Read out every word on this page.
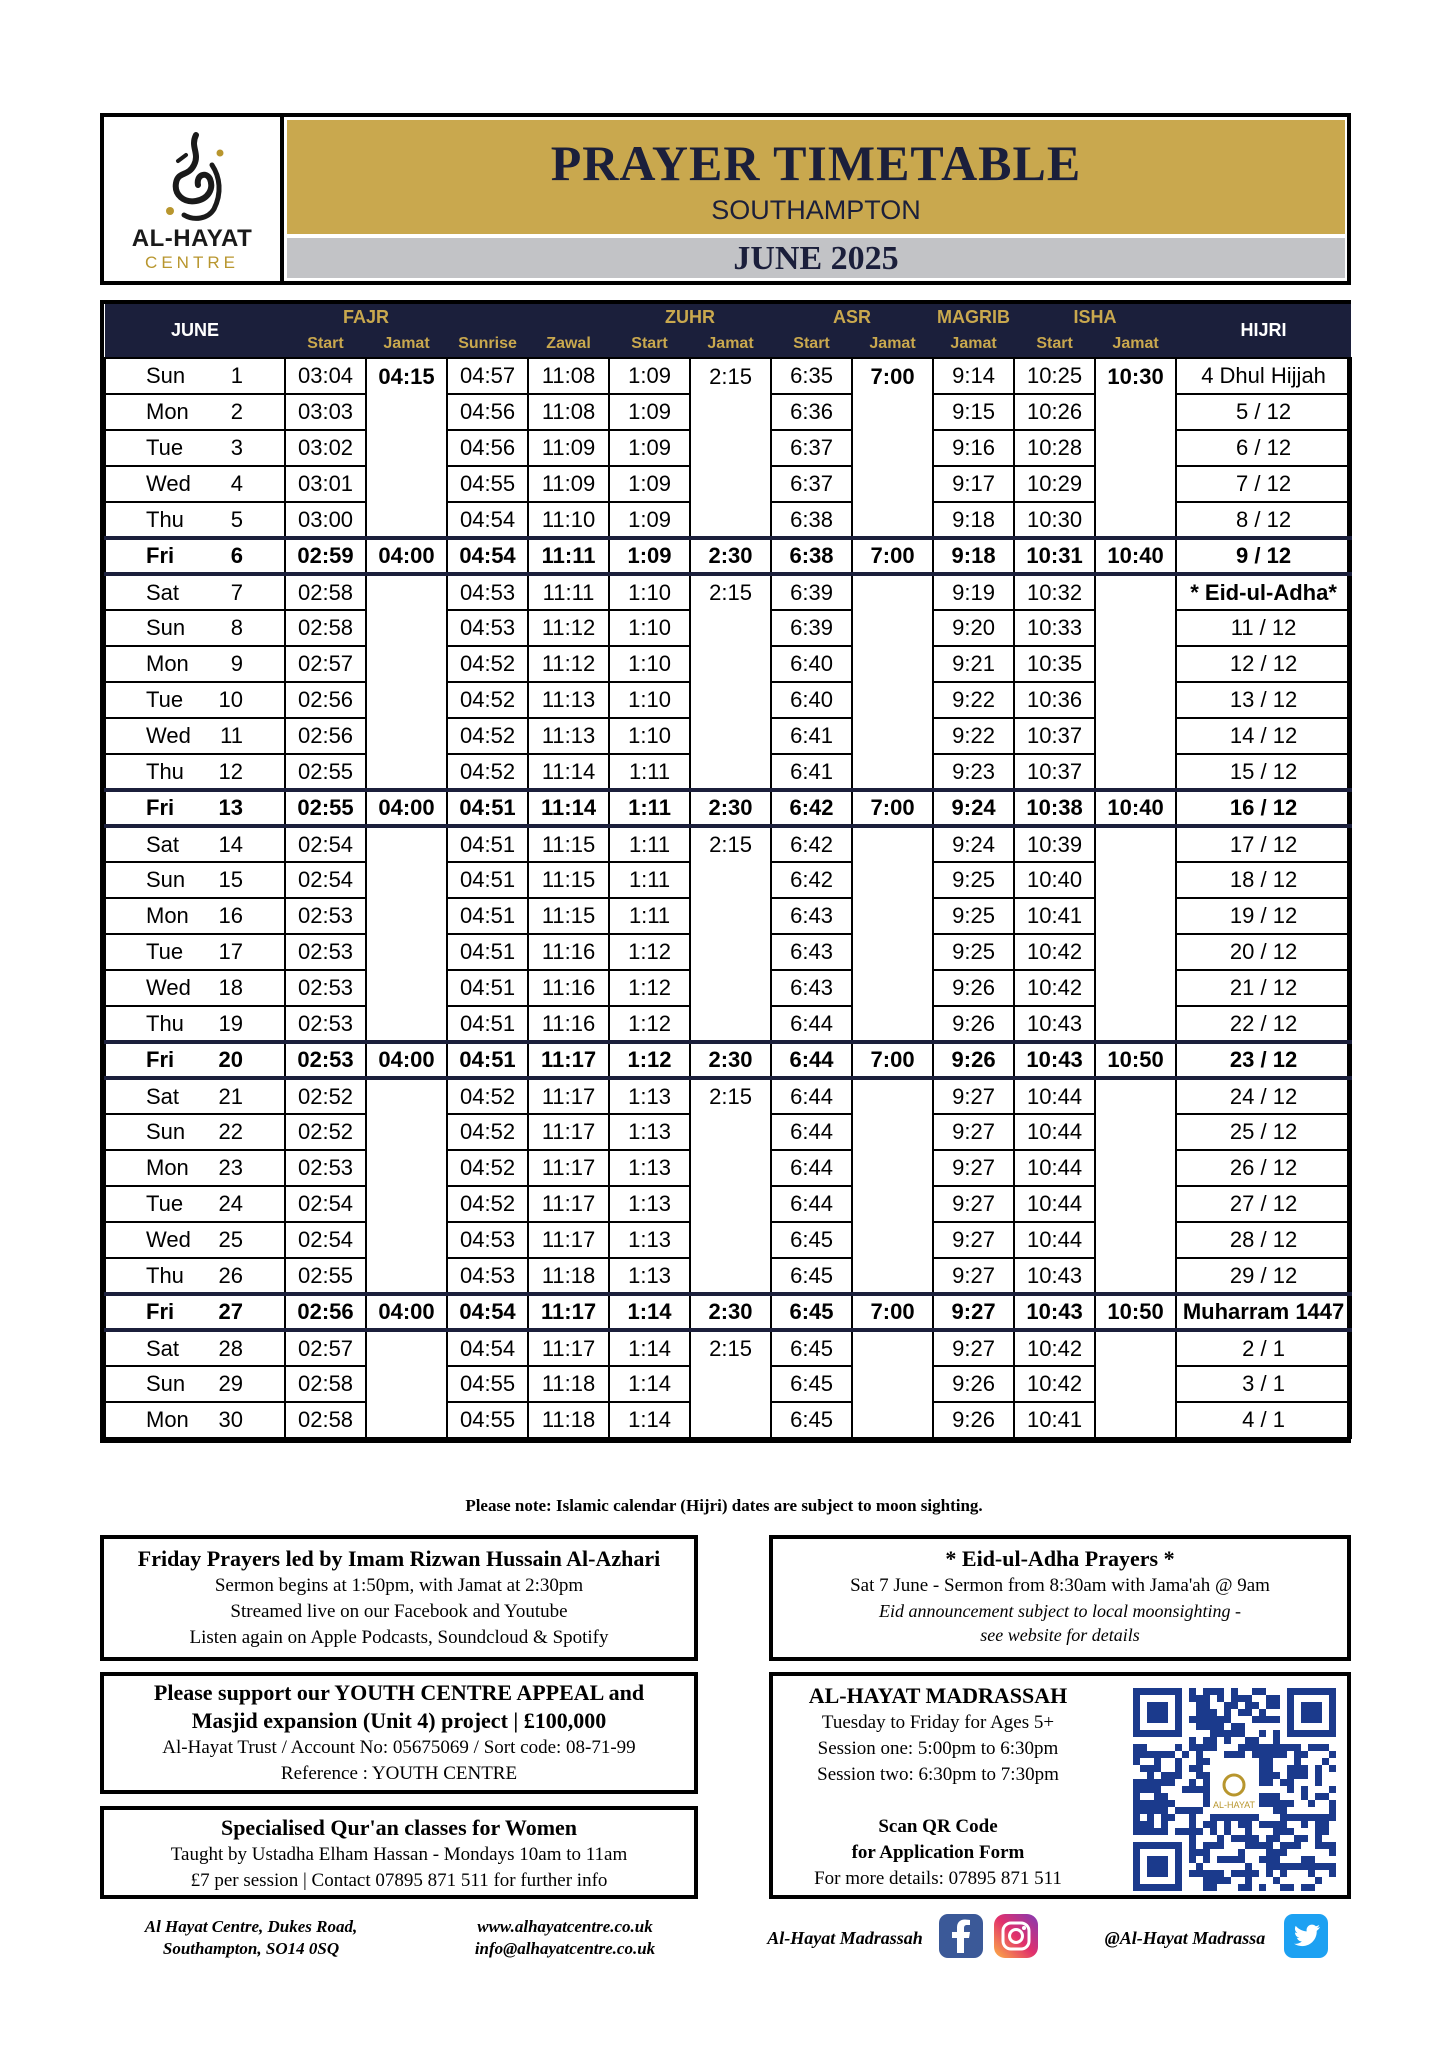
AL-HAYAT
CENTRE
PRAYER TIMETABLE
SOUTHAMPTON
JUNE 2025
JUNE		FAJR				ZUHR		ASR		MAGRIB	ISHA		HIJRI
		Start	Jamat	Sunrise	Zawal	Start	Jamat	Start	Jamat	Jamat	Start	Jamat	
Sun	1	03:04	04:15	04:57	11:08	1:09	2:15	6:35	7:00	9:14	10:25	10:30	4 Dhul Hijjah
Mon	2	03:03		04:56	11:08	1:09		6:36		9:15	10:26		5 / 12
Tue	3	03:02		04:56	11:09	1:09		6:37		9:16	10:28		6 / 12
Wed	4	03:01		04:55	11:09	1:09		6:37		9:17	10:29		7 / 12
Thu	5	03:00		04:54	11:10	1:09		6:38		9:18	10:30		8 / 12
Fri	6	02:59	04:00	04:54	11:11	1:09	2:30	6:38	7:00	9:18	10:31	10:40	9 / 12
Sat	7	02:58		04:53	11:11	1:10	2:15	6:39		9:19	10:32		* Eid-ul-Adha*
Sun	8	02:58		04:53	11:12	1:10		6:39		9:20	10:33		11 / 12
Mon	9	02:57		04:52	11:12	1:10		6:40		9:21	10:35		12 / 12
Tue	10	02:56		04:52	11:13	1:10		6:40		9:22	10:36		13 / 12
Wed	11	02:56		04:52	11:13	1:10		6:41		9:22	10:37		14 / 12
Thu	12	02:55		04:52	11:14	1:11		6:41		9:23	10:37		15 / 12
Fri	13	02:55	04:00	04:51	11:14	1:11	2:30	6:42	7:00	9:24	10:38	10:40	16 / 12
Sat	14	02:54		04:51	11:15	1:11	2:15	6:42		9:24	10:39		17 / 12
Sun	15	02:54		04:51	11:15	1:11		6:42		9:25	10:40		18 / 12
Mon	16	02:53		04:51	11:15	1:11		6:43		9:25	10:41		19 / 12
Tue	17	02:53		04:51	11:16	1:12		6:43		9:25	10:42		20 / 12
Wed	18	02:53		04:51	11:16	1:12		6:43		9:26	10:42		21 / 12
Thu	19	02:53		04:51	11:16	1:12		6:44		9:26	10:43		22 / 12
Fri	20	02:53	04:00	04:51	11:17	1:12	2:30	6:44	7:00	9:26	10:43	10:50	23 / 12
Sat	21	02:52		04:52	11:17	1:13	2:15	6:44		9:27	10:44		24 / 12
Sun	22	02:52		04:52	11:17	1:13		6:44		9:27	10:44		25 / 12
Mon	23	02:53		04:52	11:17	1:13		6:44		9:27	10:44		26 / 12
Tue	24	02:54		04:52	11:17	1:13		6:44		9:27	10:44		27 / 12
Wed	25	02:54		04:53	11:17	1:13		6:45		9:27	10:44		28 / 12
Thu	26	02:55		04:53	11:18	1:13		6:45		9:27	10:43		29 / 12
Fri	27	02:56	04:00	04:54	11:17	1:14	2:30	6:45	7:00	9:27	10:43	10:50	Muharram 1447
Sat	28	02:57		04:54	11:17	1:14	2:15	6:45		9:27	10:42		2 / 1
Sun	29	02:58		04:55	11:18	1:14		6:45		9:26	10:42		3 / 1
Mon	30	02:58		04:55	11:18	1:14		6:45		9:26	10:41		4 / 1
Please note: Islamic calendar (Hijri) dates are subject to moon sighting.
Friday Prayers led by Imam Rizwan Hussain Al-Azhari
Sermon begins at 1:50pm, with Jamat at 2:30pm
Streamed live on our Facebook and Youtube
Listen again on Apple Podcasts, Soundcloud & Spotify
* Eid-ul-Adha Prayers *
Sat 7 June - Sermon from 8:30am with Jama'ah @ 9am
Eid announcement subject to local moonsighting -
see website for details
Please support our YOUTH CENTRE APPEAL and
Masjid expansion (Unit 4) project | £100,000
Al-Hayat Trust / Account No: 05675069 / Sort code: 08-71-99
Reference : YOUTH CENTRE
Specialised Qur'an classes for Women
Taught by Ustadha Elham Hassan - Mondays 10am to 11am
£7 per session | Contact 07895 871 511 for further info
AL-HAYAT MADRASSAH
Tuesday to Friday for Ages 5+
Session one: 5:00pm to 6:30pm
Session two: 6:30pm to 7:30pm
Scan QR Code
for Application Form
For more details: 07895 871 511
AL-HAYAT
Al Hayat Centre, Dukes Road,
Southampton, SO14 0SQ
www.alhayatcentre.co.uk
info@alhayatcentre.co.uk
Al-Hayat Madrassah	@Al-Hayat Madrassa
